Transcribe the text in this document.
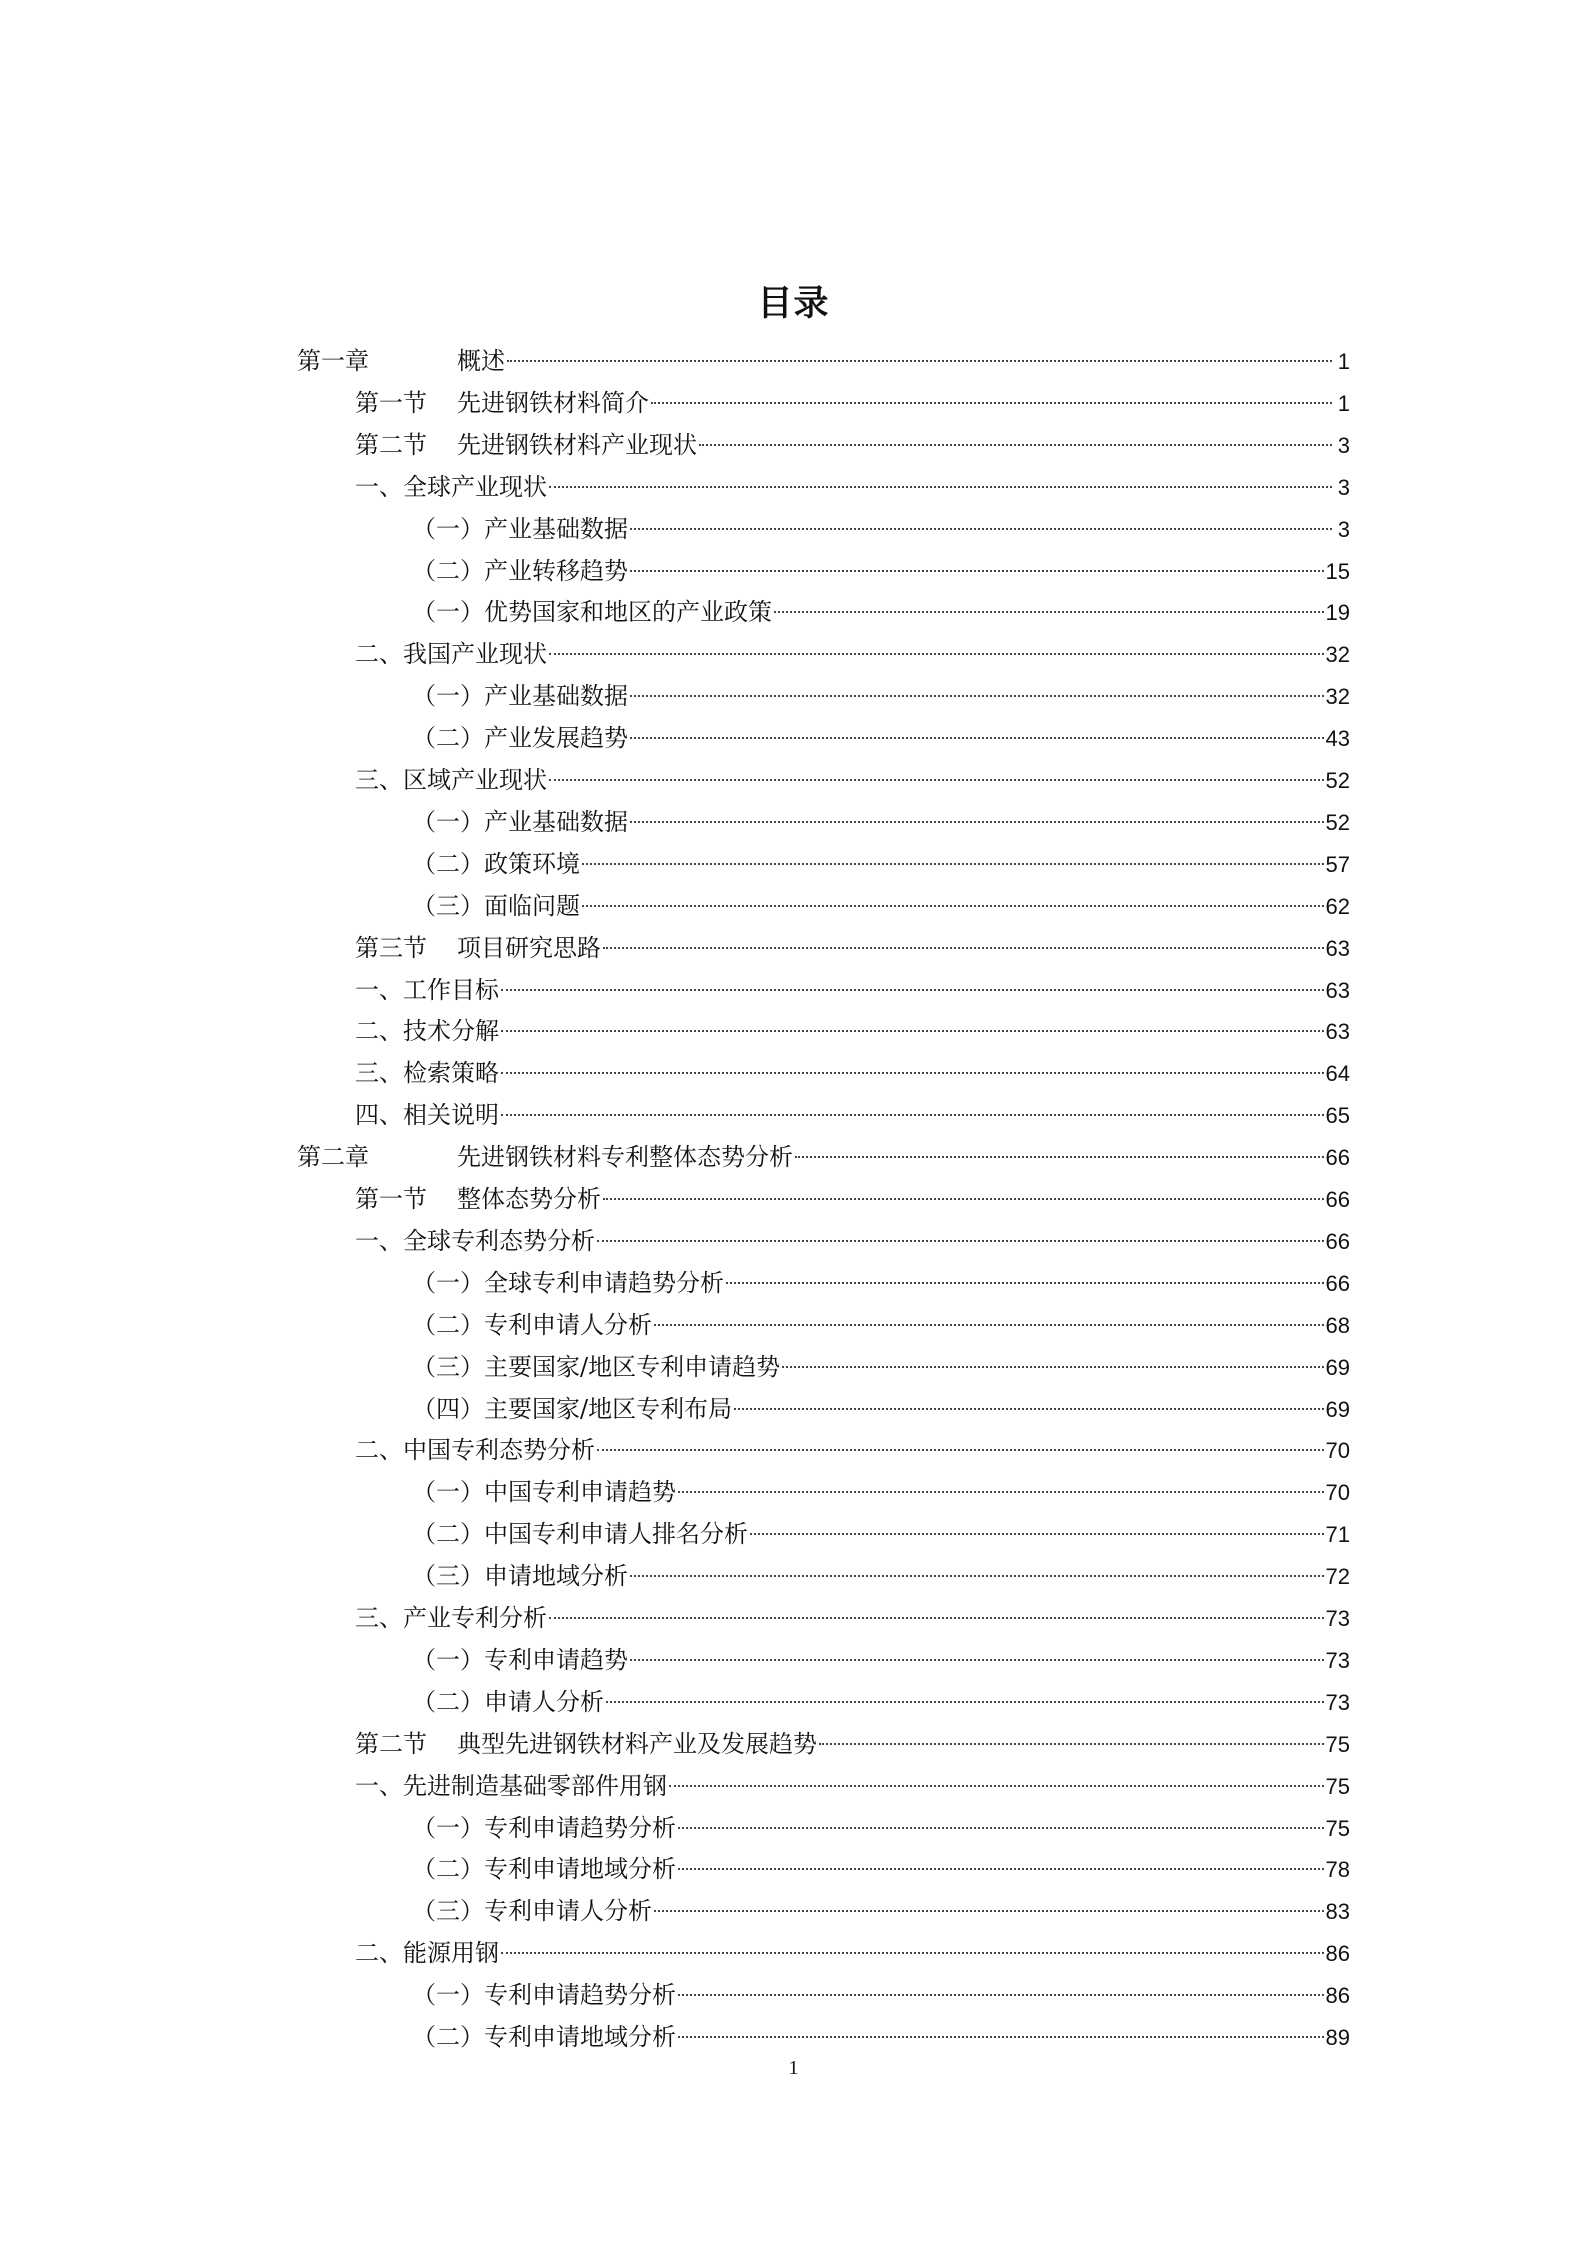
目录
第一章	概述	1
第一节 先进钢铁材料简介	1
第二节 先进钢铁材料产业现状	3
一、全球产业现状	3
（一）产业基础数据	3
（二）产业转移趋势	15
（一）优势国家和地区的产业政策	19
二、我国产业现状	32
（一）产业基础数据	32
（二）产业发展趋势	43
三、区域产业现状	52
（一）产业基础数据	52
（二）政策环境	57
（三）面临问题	62
第三节 项目研究思路	63
一、工作目标	63
二、技术分解	63
三、检索策略	64
四、相关说明	65
第二章	先进钢铁材料专利整体态势分析	66
第一节 整体态势分析	66
一、全球专利态势分析	66
（一）全球专利申请趋势分析	66
（二）专利申请人分析	68
（三）主要国家/地区专利申请趋势	69
（四）主要国家/地区专利布局	69
二、中国专利态势分析	70
（一）中国专利申请趋势	70
（二）中国专利申请人排名分析	71
（三）申请地域分析	72
三、产业专利分析	73
（一）专利申请趋势	73
（二）申请人分析	73
第二节 典型先进钢铁材料产业及发展趋势	75
一、先进制造基础零部件用钢	75
（一）专利申请趋势分析	75
（二）专利申请地域分析	78
（三）专利申请人分析	83
二、能源用钢	86
（一）专利申请趋势分析	86
（二）专利申请地域分析	89
1
